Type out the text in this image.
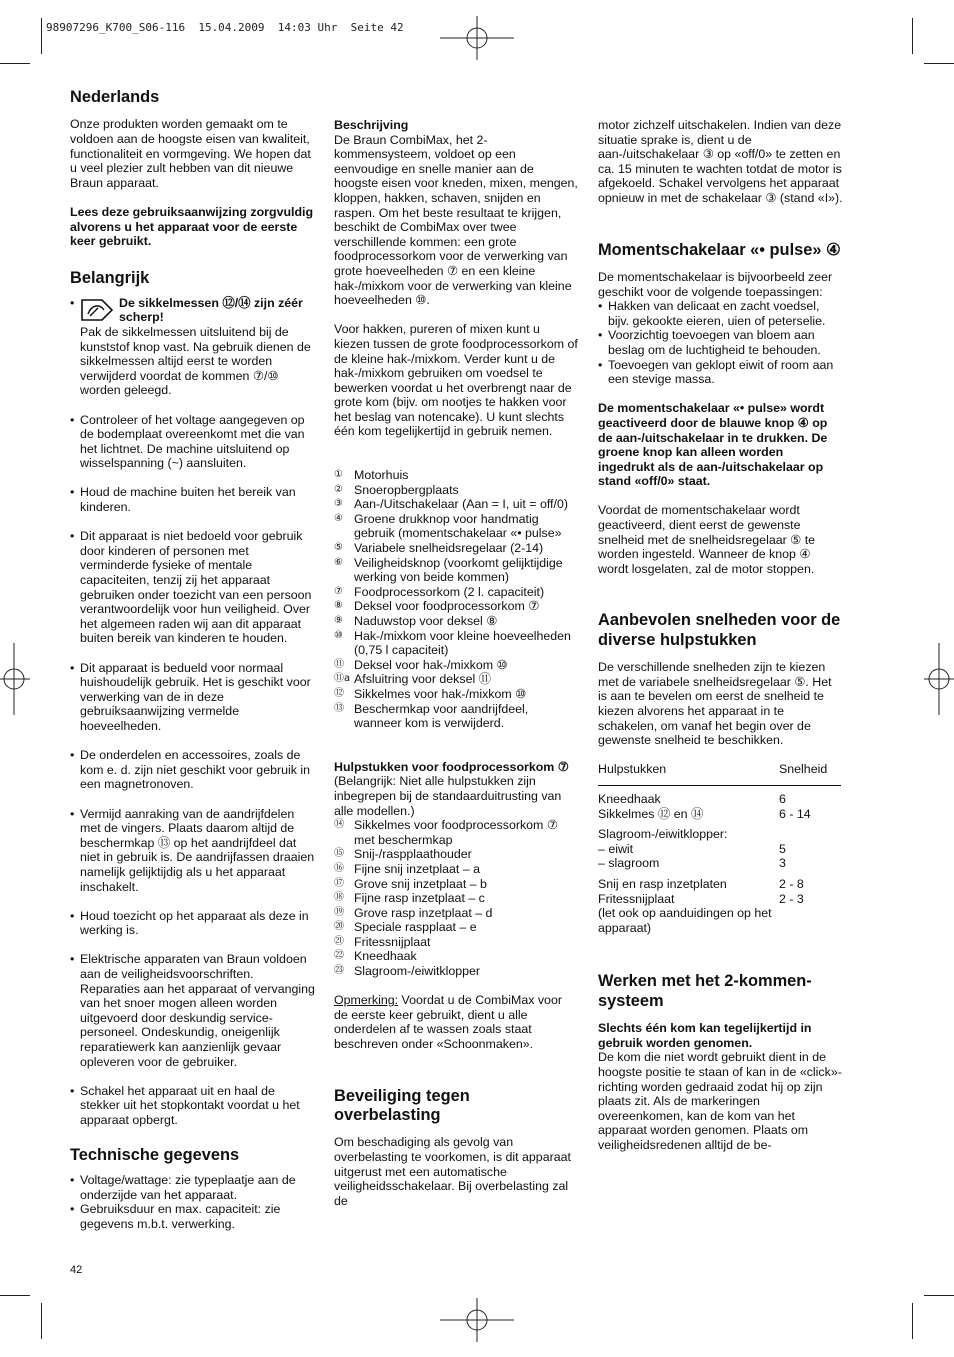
98907296_K700_S06-116  15.04.2009  14:03 Uhr  Seite 42
Nederlands

Onze produkten worden gemaakt om te voldoen aan de hoogste eisen van kwaliteit, functionaliteit en vormgeving. We hopen dat u veel plezier zult hebben van dit nieuwe Braun apparaat.

Lees deze gebruiksaanwijzing zorgvuldig alvorens u het apparaat voor de eerste keer gebruikt.

Belangrijk
•	De sikkelmessen ⑫/⑭ zijn zéér scherp!

Pak de sikkelmessen uitsluitend bij de kunststof knop vast. Na gebruik dienen de sikkelmessen altijd eerst te worden verwijderd voordat de kommen ⑦/⑩ worden geleegd.

• Controleer of het voltage aangegeven op de bodemplaat overeenkomt met die van het lichtnet. De machine uitsluitend op wisselspanning (~) aansluiten.

• Houd de machine buiten het bereik van kinderen.

• Dit apparaat is niet bedoeld voor gebruik door kinderen of personen met verminderde fysieke of mentale capaciteiten, tenzij zij het apparaat gebruiken onder toezicht van een persoon verantwoordelijk voor hun veiligheid. Over het algemeen raden wij aan dit apparaat buiten bereik van kinderen te houden.

• Dit apparaat is bedueld voor normaal huishoudelijk gebruik. Het is geschikt voor verwerking van de in deze gebruiksaanwijzing vermelde hoeveelheden.

• De onderdelen en accessoires, zoals de kom e. d. zijn niet geschikt voor gebruik in een magnetronoven.

• Vermijd aanraking van de aandrijfdelen met de vingers. Plaats daarom altijd de beschermkap ⑬ op het aandrijfdeel dat niet in gebruik is. De aandrijfassen draaien namelijk gelijktijdig als u het apparaat inschakelt.

• Houd toezicht op het apparaat als deze in werking is.

• Elektrische apparaten van Braun voldoen aan de veiligheidsvoorschriften. Reparaties aan het apparaat of vervanging van het snoer mogen alleen worden uitgevoerd door deskundig service-personeel. Ondeskundig, oneigenlijk reparatiewerk kan aanzienlijk gevaar opleveren voor de gebruiker.

• Schakel het apparaat uit en haal de stekker uit het stopkontakt voordat u het apparaat opbergt.

Technische gegevens

• Voltage/wattage: zie typeplaatje aan de onderzijde van het apparaat.

• Gebruiksduur en max. capaciteit: zie gegevens m.b.t. verwerking.

Beschrijving

De Braun CombiMax, het 2-kommensysteem, voldoet op een eenvoudige en snelle manier aan de hoogste eisen voor kneden, mixen, mengen, kloppen, hakken, schaven, snijden en raspen. Om het beste resultaat te krijgen, beschikt de CombiMax over twee verschillende kommen: een grote foodprocessorkom voor de verwerking van grote hoeveelheden ⑦ en een kleine hak-/mixkom voor de verwerking van kleine hoeveelheden ⑩.

Voor hakken, pureren of mixen kunt u kiezen tussen de grote foodprocessorkom of de kleine hak-/mixkom. Verder kunt u de hak-/mixkom gebruiken om voedsel te bewerken voordat u het overbrengt naar de grote kom (bijv. om nootjes te hakken voor het beslag van notencake). U kunt slechts één kom tegelijkertijd in gebruik nemen.

① Motorhuis
② Snoeropbergplaats
③ Aan-/Uitschakelaar (Aan = I, uit = off/0)
④ Groene drukknop voor handmatig gebruik (momentschakelaar «• pulse»
⑤ Variabele snelheidsregelaar (2-14)
⑥ Veiligheidsknop (voorkomt gelijktijdige werking von beide kommen)
⑦ Foodprocessorkom (2 l. capaciteit)
⑧ Deksel voor foodprocessorkom ⑦
⑨ Naduwstop voor deksel ⑧
⑩ Hak-/mixkom voor kleine hoeveelheden (0,75 l capaciteit)
⑪ Deksel voor hak-/mixkom ⑩
⑪a Afsluitring voor deksel ⑪
⑫ Sikkelmes voor hak-/mixkom ⑩
⑬ Beschermkap voor aandrijfdeel, wanneer kom is verwijderd.

Hulpstukken voor foodprocessorkom ⑦

(Belangrijk: Niet alle hulpstukken zijn inbegrepen bij de standaarduitrusting van alle modellen.)

⑭ Sikkelmes voor foodprocessorkom ⑦ met beschermkap
⑮ Snij-/raspplaathouder
⑯ Fijne snij inzetplaat – a
⑰ Grove snij inzetplaat – b
⑱ Fijne rasp inzetplaat – c
⑲ Grove rasp inzetplaat – d
⑳ Speciale raspplaat – e
㉑ Fritessnijplaat
㉒ Kneedhaak
㉓ Slagroom-/eiwitklopper

Opmerking: Voordat u de CombiMax voor de eerste keer gebruikt, dient u alle onderdelen af te wassen zoals staat beschreven onder «Schoonmaken».

Beveiliging tegen overbelasting

Om beschadiging als gevolg van overbelasting te voorkomen, is dit apparaat uitgerust met een automatische veiligheidsschakelaar. Bij overbelasting zal de

motor zichzelf uitschakelen. Indien van deze situatie sprake is, dient u de aan-/uitschakelaar ③ op «off/0» te zetten en ca. 15 minuten te wachten totdat de motor is afgekoeld. Schakel vervolgens het apparaat opnieuw in met de schakelaar ③ (stand «I»).

Momentschakelaar «• pulse» ④

De momentschakelaar is bijvoorbeeld zeer geschikt voor de volgende toepassingen:

• Hakken van delicaat en zacht voedsel, bijv. gekookte eieren, uien of peterselie.

• Voorzichtig toevoegen van bloem aan beslag om de luchtigheid te behouden.

• Toevoegen van geklopt eiwit of room aan een stevige massa.

De momentschakelaar «• pulse» wordt geactiveerd door de blauwe knop ④ op de aan-/uitschakelaar in te drukken. De groene knop kan alleen worden ingedrukt als de aan-/uitschakelaar op stand «off/0» staat.

Voordat de momentschakelaar wordt geactiveerd, dient eerst de gewenste snelheid met de snelheidsregelaar ⑤ te worden ingesteld. Wanneer de knop ④ wordt losgelaten, zal de motor stoppen.

Aanbevolen snelheden voor de diverse hulpstukken

De verschillende snelheden zijn te kiezen met de variabele snelheidsregelaar ⑤. Het is aan te bevelen om eerst de snelheid te kiezen alvorens het apparaat in te schakelen, om vanaf het begin over de gewenste snelheid te beschikken.

Hulpstukken	Snelheid

Kneedhaak	6
Sikkelmes ⑫ en ⑭	6 - 14

Slagroom-/eiwitklopper:	
– eiwit	5
– slagroom	3

Snij en rasp inzetplaten	2 - 8
Fritessnijplaat	2 - 3
(let ook op aanduidingen op het apparaat)	
Werken met het 2-kommen-systeem

Slechts één kom kan tegelijkertijd in gebruik worden genomen.

De kom die niet wordt gebruikt dient in de hoogste positie te staan of kan in de «click»-richting worden gedraaid zodat hij op zijn plaats zit. Als de markeringen overeenkomen, kan de kom van het apparaat worden genomen. Plaats om veiligheidsredenen alltijd de be-

42
